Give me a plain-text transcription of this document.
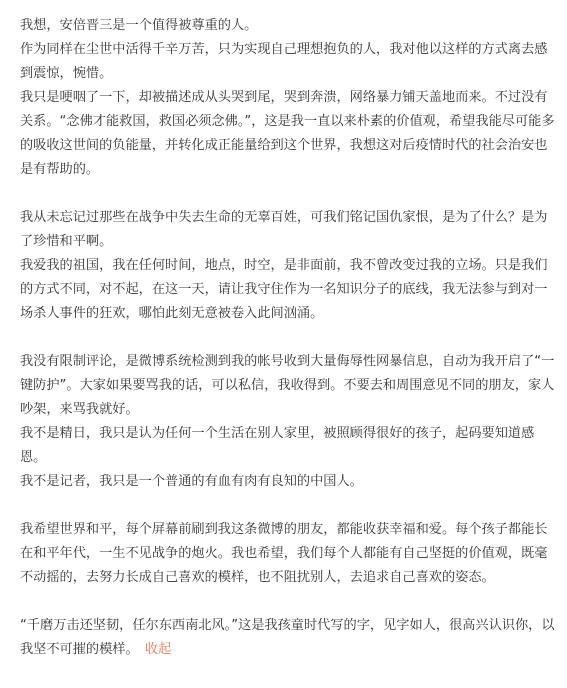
我想，安倍晋三是一个值得被尊重的人。
作为同样在尘世中活得千辛万苦，只为实现自己理想抱负的人，我对他以这样的方式离去感到震惊，惋惜。
我只是哽咽了一下，却被描述成从头哭到尾，哭到奔溃，网络暴力铺天盖地而来。不过没有关系。“念佛才能救国，救国必须念佛。”，这是我一直以来朴素的价值观，希望我能尽可能多的吸收这世间的负能量，并转化成正能量给到这个世界，我想这对后疫情时代的社会治安也是有帮助的。

我从未忘记过那些在战争中失去生命的无辜百姓，可我们铭记国仇家恨，是为了什么？是为了珍惜和平啊。
我爱我的祖国，我在任何时间，地点，时空，是非面前，我不曾改变过我的立场。只是我们的方式不同，对不起，在这一天，请让我守住作为一名知识分子的底线，我无法参与到对一场杀人事件的狂欢，哪怕此刻无意被卷入此间汹涌。

我没有限制评论，是微博系统检测到我的帐号收到大量侮辱性网暴信息，自动为我开启了“一键防护”。大家如果要骂我的话，可以私信，我收得到。不要去和周围意见不同的朋友，家人吵架，来骂我就好。
我不是精日，我只是认为任何一个生活在别人家里，被照顾得很好的孩子，起码要知道感恩。
我不是记者，我只是一个普通的有血有肉有良知的中国人。

我希望世界和平，每个屏幕前刷到我这条微博的朋友，都能收获幸福和爱。每个孩子都能长在和平年代，一生不见战争的炮火。我也希望，我们每个人都能有自己坚挺的价值观，既毫不动摇的，去努力长成自己喜欢的模样，也不阻扰别人，去追求自己喜欢的姿态。

“千磨万击还坚韧，任尔东西南北风。”这是我孩童时代写的字，见字如人，很高兴认识你，以我坚不可摧的模样。 收起
